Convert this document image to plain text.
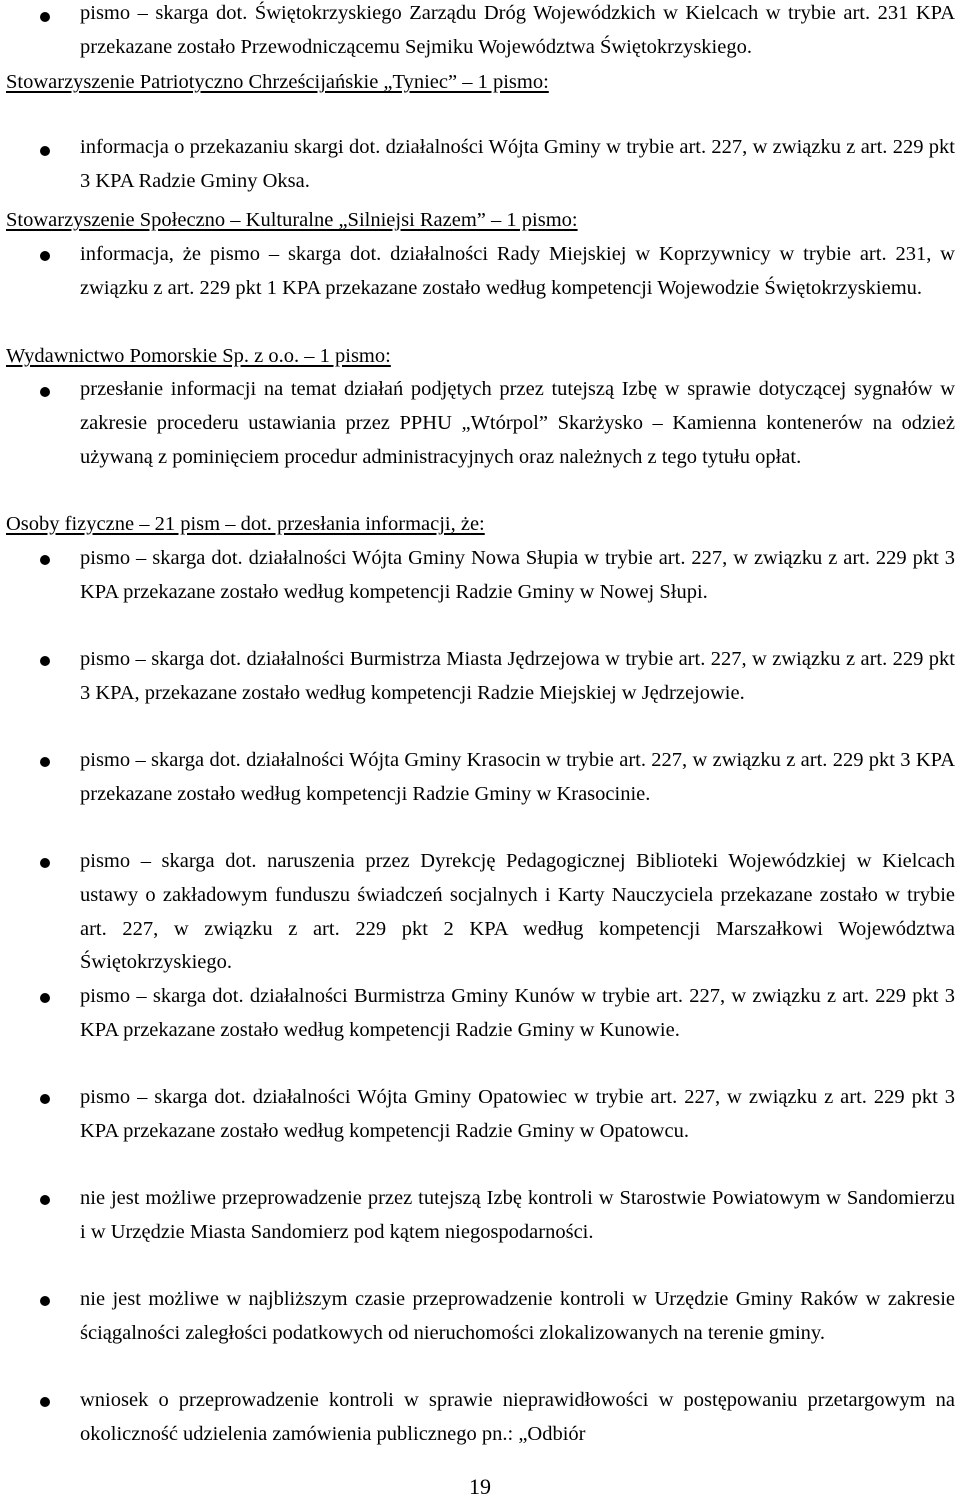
pismo – skarga dot. Świętokrzyskiego Zarządu Dróg Wojewódzkich w Kielcach w trybie art. 231 KPA przekazane zostało Przewodniczącemu Sejmiku Województwa Świętokrzyskiego.
Stowarzyszenie Patriotyczno Chrześcijańskie „Tyniec” – 1 pismo:
informacja o przekazaniu skargi dot. działalności Wójta Gminy w trybie art. 227, w związku z art. 229 pkt 3 KPA Radzie Gminy Oksa.
Stowarzyszenie Społeczno – Kulturalne „Silniejsi Razem” – 1 pismo:
informacja, że pismo – skarga dot. działalności Rady Miejskiej w Koprzywnicy w trybie art. 231, w związku z art. 229 pkt 1 KPA przekazane zostało według kompetencji Wojewodzie Świętokrzyskiemu.
Wydawnictwo Pomorskie Sp. z o.o. – 1 pismo:
przesłanie informacji na temat działań podjętych przez tutejszą Izbę w sprawie dotyczącej sygnałów w zakresie procederu ustawiania przez PPHU „Wtórpol” Skarżysko – Kamienna kontenerów na odzież używaną z pominięciem procedur administracyjnych oraz należnych z tego tytułu opłat.
Osoby fizyczne – 21 pism – dot. przesłania informacji, że:
pismo – skarga dot. działalności Wójta Gminy Nowa Słupia w trybie art. 227, w związku z art. 229 pkt 3 KPA przekazane zostało według kompetencji Radzie Gminy w Nowej Słupi.
pismo – skarga dot. działalności Burmistrza Miasta Jędrzejowa w trybie art. 227, w związku z art. 229 pkt 3 KPA, przekazane zostało według kompetencji Radzie Miejskiej w Jędrzejowie.
pismo – skarga dot. działalności Wójta Gminy Krasocin w trybie art. 227, w związku z art. 229 pkt 3 KPA przekazane zostało według kompetencji Radzie Gminy w Krasocinie.
pismo – skarga dot. naruszenia przez Dyrekcję Pedagogicznej Biblioteki Wojewódzkiej w Kielcach ustawy o zakładowym funduszu świadczeń socjalnych i Karty Nauczyciela przekazane zostało w trybie art. 227, w związku z art. 229 pkt 2 KPA według kompetencji Marszałkowi Województwa Świętokrzyskiego.
pismo – skarga dot. działalności Burmistrza Gminy Kunów w trybie art. 227, w związku z art. 229 pkt 3 KPA przekazane zostało według kompetencji Radzie Gminy w Kunowie.
pismo – skarga dot. działalności Wójta Gminy Opatowiec w trybie art. 227, w związku z art. 229 pkt 3 KPA przekazane zostało według kompetencji Radzie Gminy w Opatowcu.
nie jest możliwe przeprowadzenie przez tutejszą Izbę kontroli w Starostwie Powiatowym w Sandomierzu i w Urzędzie Miasta Sandomierz pod kątem niegospodarności.
nie jest możliwe w najbliższym czasie przeprowadzenie kontroli w Urzędzie Gminy Raków w zakresie ściągalności zaległości podatkowych od nieruchomości zlokalizowanych na terenie gminy.
wniosek o przeprowadzenie kontroli w sprawie nieprawidłowości w postępowaniu przetargowym na okoliczność udzielenia zamówienia publicznego pn.: „Odbiór
19
